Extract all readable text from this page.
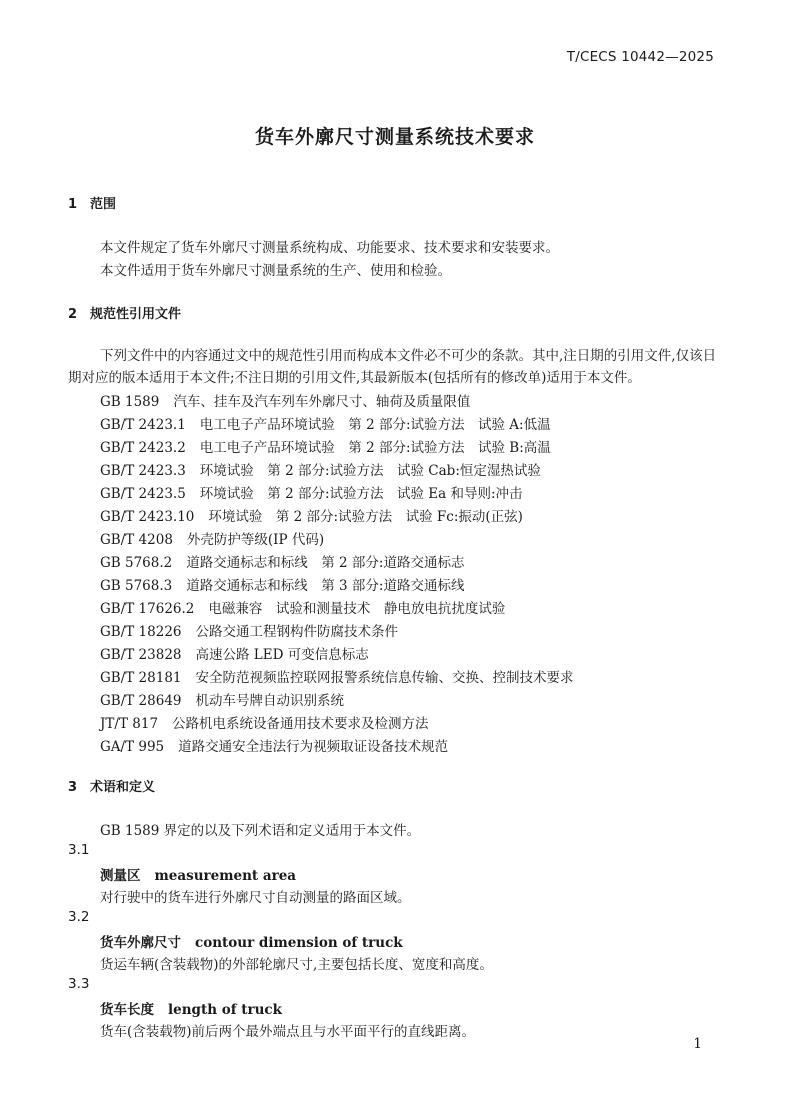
T/CECS 10442—2025
货车外廓尺寸测量系统技术要求
1 范围
本文件规定了货车外廓尺寸测量系统构成、功能要求、技术要求和安装要求。
本文件适用于货车外廓尺寸测量系统的生产、使用和检验。
2 规范性引用文件
下列文件中的内容通过文中的规范性引用而构成本文件必不可少的条款。其中,注日期的引用文件,仅该日期对应的版本适用于本文件;不注日期的引用文件,其最新版本(包括所有的修改单)适用于本文件。
GB 1589 汽车、挂车及汽车列车外廓尺寸、轴荷及质量限值
GB/T 2423.1 电工电子产品环境试验　第 2 部分:试验方法　试验 A:低温
GB/T 2423.2 电工电子产品环境试验　第 2 部分:试验方法　试验 B:高温
GB/T 2423.3 环境试验　第 2 部分:试验方法　试验 Cab:恒定湿热试验
GB/T 2423.5 环境试验　第 2 部分:试验方法　试验 Ea 和导则:冲击
GB/T 2423.10 环境试验　第 2 部分:试验方法　试验 Fc:振动(正弦)
GB/T 4208 外壳防护等级(IP 代码)
GB 5768.2 道路交通标志和标线　第 2 部分:道路交通标志
GB 5768.3 道路交通标志和标线　第 3 部分:道路交通标线
GB/T 17626.2 电磁兼容　试验和测量技术　静电放电抗扰度试验
GB/T 18226 公路交通工程钢构件防腐技术条件
GB/T 23828 高速公路 LED 可变信息标志
GB/T 28181 安全防范视频监控联网报警系统信息传输、交换、控制技术要求
GB/T 28649 机动车号牌自动识别系统
JT/T 817 公路机电系统设备通用技术要求及检测方法
GA/T 995 道路交通安全违法行为视频取证设备技术规范
3 术语和定义
GB 1589 界定的以及下列术语和定义适用于本文件。
3.1
测量区 measurement area
对行驶中的货车进行外廓尺寸自动测量的路面区域。
3.2
货车外廓尺寸 contour dimension of truck
货运车辆(含装载物)的外部轮廓尺寸,主要包括长度、宽度和高度。
3.3
货车长度 length of truck
货车(含装载物)前后两个最外端点且与水平面平行的直线距离。
1
